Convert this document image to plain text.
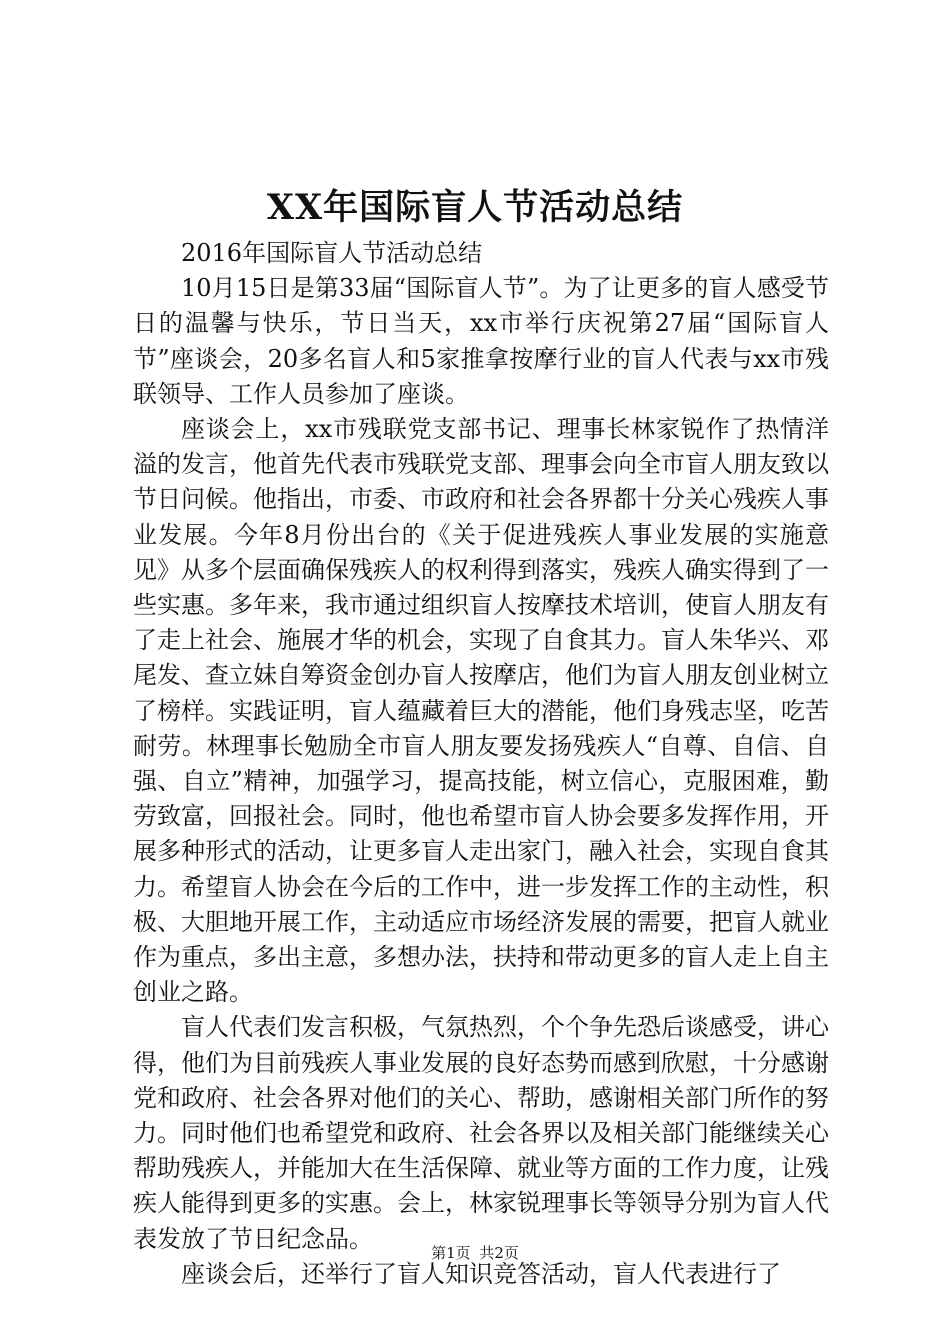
XX年国际盲人节活动总结

2016年国际盲人节活动总结

10月15日是第33届“国际盲人节”。为了让更多的盲人感受节日的温馨与快乐，节日当天，xx市举行庆祝第27届“国际盲人节”座谈会，20多名盲人和5家推拿按摩行业的盲人代表与xx市残联领导、工作人员参加了座谈。

座谈会上，xx市残联党支部书记、理事长林家锐作了热情洋溢的发言，他首先代表市残联党支部、理事会向全市盲人朋友致以节日问候。他指出，市委、市政府和社会各界都十分关心残疾人事业发展。今年8月份出台的《关于促进残疾人事业发展的实施意见》从多个层面确保残疾人的权利得到落实，残疾人确实得到了一些实惠。多年来，我市通过组织盲人按摩技术培训，使盲人朋友有了走上社会、施展才华的机会，实现了自食其力。盲人朱华兴、邓尾发、查立妹自筹资金创办盲人按摩店，他们为盲人朋友创业树立了榜样。实践证明，盲人蕴藏着巨大的潜能，他们身残志坚，吃苦耐劳。林理事长勉励全市盲人朋友要发扬残疾人“自尊、自信、自强、自立”精神，加强学习，提高技能，树立信心，克服困难，勤劳致富，回报社会。同时，他也希望市盲人协会要多发挥作用，开展多种形式的活动，让更多盲人走出家门，融入社会，实现自食其力。希望盲人协会在今后的工作中，进一步发挥工作的主动性，积极、大胆地开展工作，主动适应市场经济发展的需要，把盲人就业作为重点，多出主意，多想办法，扶持和带动更多的盲人走上自主创业之路。

盲人代表们发言积极，气氛热烈，个个争先恐后谈感受，讲心得，他们为目前残疾人事业发展的良好态势而感到欣慰，十分感谢党和政府、社会各界对他们的关心、帮助，感谢相关部门所作的努力。同时他们也希望党和政府、社会各界以及相关部门能继续关心帮助残疾人，并能加大在生活保障、就业等方面的工作力度，让残疾人能得到更多的实惠。会上，林家锐理事长等领导分别为盲人代表发放了节日纪念品。

座谈会后，还举行了盲人知识竞答活动，盲人代表进行了

第1页 共2页
